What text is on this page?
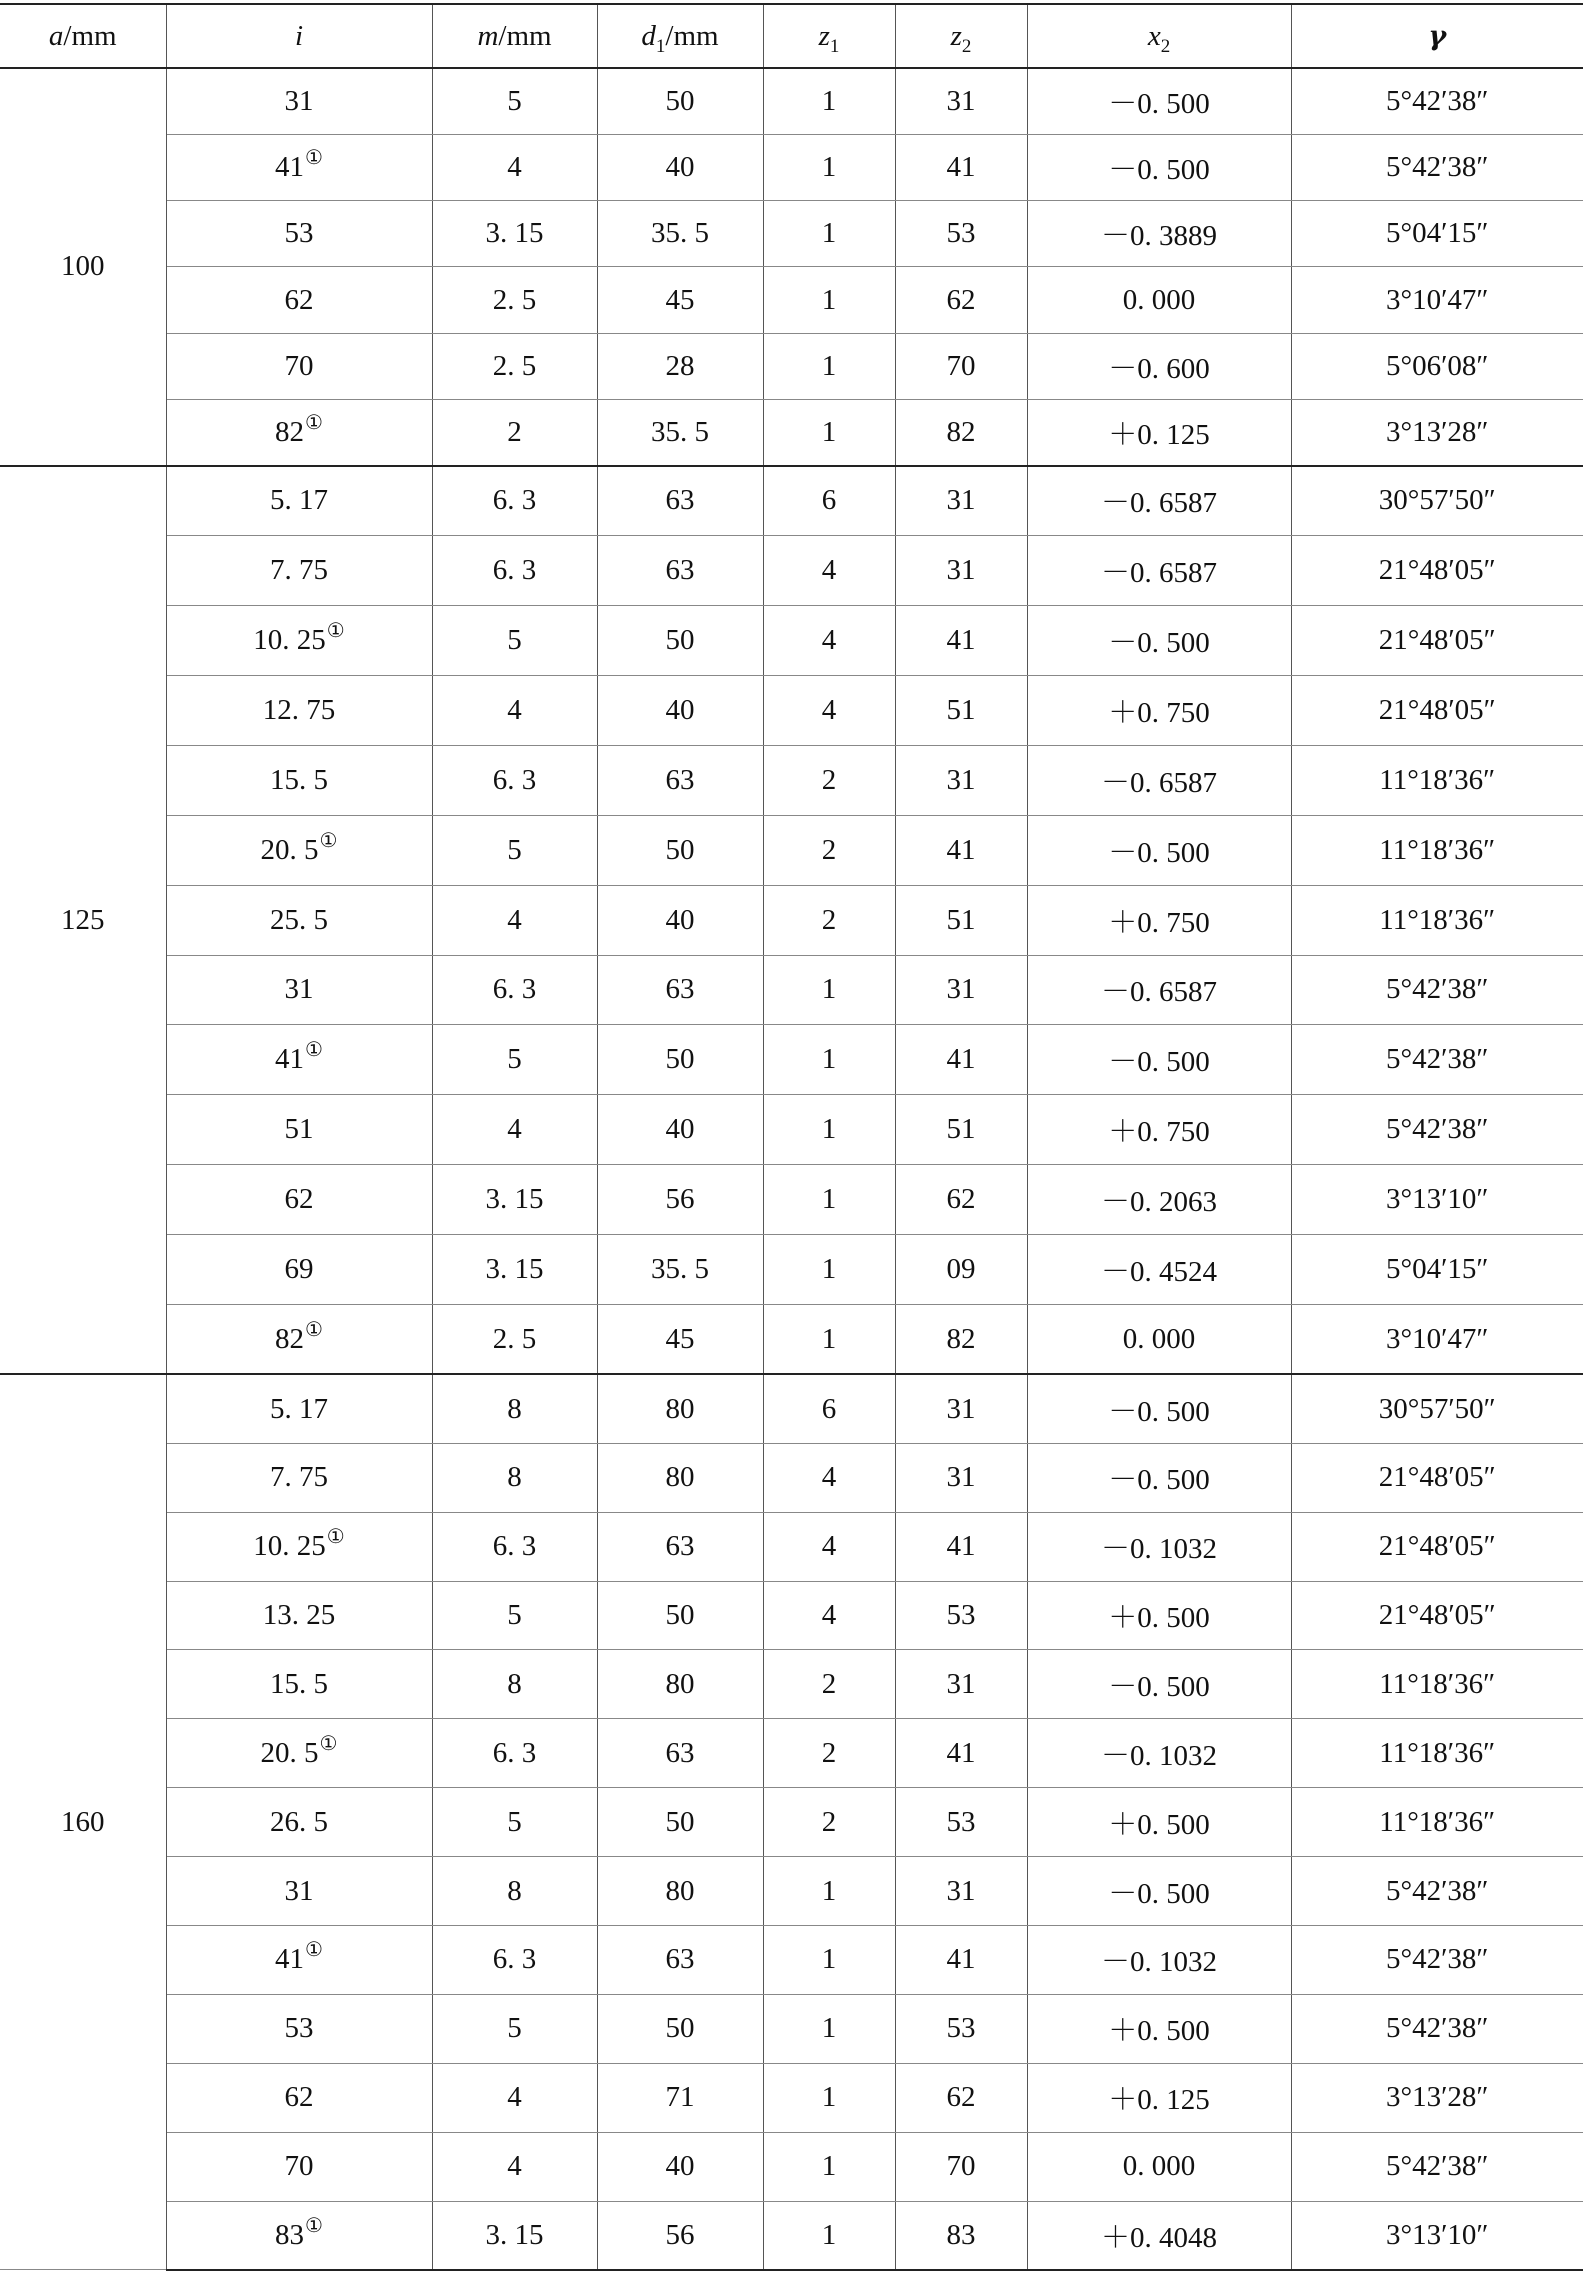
a/mm	i	m/mm	$d_1/mm$	$z_1$	$z_2$	$x_2$	γ
100	31	5	50	1	31	－0. 500	5°42′38″
	41①	4	40	1	41	－0. 500	5°42′38″
	53	3. 15	35. 5	1	53	－0. 3889	5°04′15″
	62	2. 5	45	1	62	0. 000	3°10′47″
	70	2. 5	28	1	70	－0. 600	5°06′08″
	82①	2	35. 5	1	82	＋0. 125	3°13′28″
125	5. 17	6. 3	63	6	31	－0. 6587	30°57′50″
	7. 75	6. 3	63	4	31	－0. 6587	21°48′05″
	10. 25①	5	50	4	41	－0. 500	21°48′05″
	12. 75	4	40	4	51	＋0. 750	21°48′05″
	15. 5	6. 3	63	2	31	－0. 6587	11°18′36″
	20. 5①	5	50	2	41	－0. 500	11°18′36″
	25. 5	4	40	2	51	＋0. 750	11°18′36″
	31	6. 3	63	1	31	－0. 6587	5°42′38″
	41①	5	50	1	41	－0. 500	5°42′38″
	51	4	40	1	51	＋0. 750	5°42′38″
	62	3. 15	56	1	62	－0. 2063	3°13′10″
	69	3. 15	35. 5	1	09	－0. 4524	5°04′15″
	82①	2. 5	45	1	82	0. 000	3°10′47″
160	5. 17	8	80	6	31	－0. 500	30°57′50″
	7. 75	8	80	4	31	－0. 500	21°48′05″
	10. 25①	6. 3	63	4	41	－0. 1032	21°48′05″
	13. 25	5	50	4	53	＋0. 500	21°48′05″
	15. 5	8	80	2	31	－0. 500	11°18′36″
	20. 5①	6. 3	63	2	41	－0. 1032	11°18′36″
	26. 5	5	50	2	53	＋0. 500	11°18′36″
	31	8	80	1	31	－0. 500	5°42′38″
	41①	6. 3	63	1	41	－0. 1032	5°42′38″
	53	5	50	1	53	＋0. 500	5°42′38″
	62	4	71	1	62	＋0. 125	3°13′28″
	70	4	40	1	70	0. 000	5°42′38″
	83①	3. 15	56	1	83	＋0. 4048	3°13′10″
